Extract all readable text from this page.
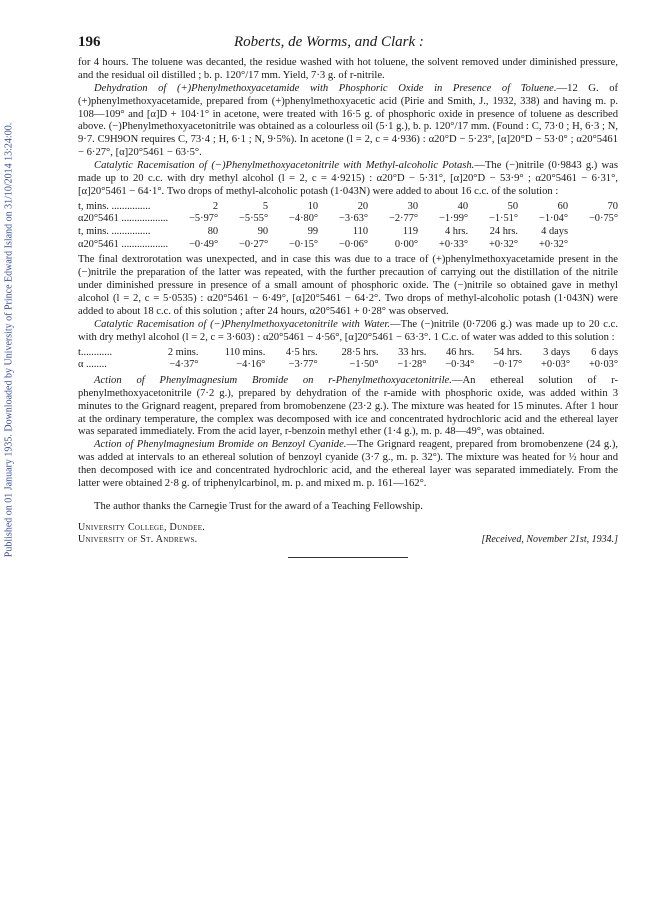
Published on 01 January 1935. Downloaded by University of Prince Edward Island on 31/10/2014 13:24:00.
196	Roberts, de Worms, and Clark :

for 4 hours. The toluene was decanted, the residue washed with hot toluene, the solvent removed under diminished pressure, and the residual oil distilled ; b. p. 120°/17 mm. Yield, 7·3 g. of r-nitrile.

Dehydration of (+)Phenylmethoxyacetamide with Phosphoric Oxide in Presence of Toluene.—12 G. of (+)phenylmethoxyacetamide, prepared from (+)phenylmethoxyacetic acid (Pirie and Smith, J., 1932, 338) and having m. p. 108—109° and [α]D + 104·1° in acetone, were treated with 16·5 g. of phosphoric oxide in presence of toluene as described above. (−)Phenylmethoxyacetonitrile was obtained as a colourless oil (5·1 g.), b. p. 120°/17 mm. (Found : C, 73·0 ; H, 6·3 ; N, 9·7. C9H9ON requires C, 73·4 ; H, 6·1 ; N, 9·5%). In acetone (l = 2, c = 4·936) : α20°D − 5·23°, [α]20°D − 53·0° ; α20°5461 − 6·27°, [α]20°5461 − 63·5°.

Catalytic Racemisation of (−)Phenylmethoxyacetonitrile with Methyl-alcoholic Potash.—The (−)nitrile (0·9843 g.) was made up to 20 c.c. with dry methyl alcohol (l = 2, c = 4·9215) : α20°D − 5·31°, [α]20°D − 53·9° ; α20°5461 − 6·31°, [α]20°5461 − 64·1°. Two drops of methyl-alcoholic potash (1·043N) were added to about 16 c.c. of the solution :

t, mins. ...............	2	5	10	20	30	40	50	60	70
α20°5461 ..................	−5·97°	−5·55°	−4·80°	−3·63°	−2·77°	−1·99°	−1·51°	−1·04°	−0·75°
t, mins. ...............	80	90	99	110	119	4 hrs.	24 hrs.	4 days	
α20°5461 ..................	−0·49°	−0·27°	−0·15°	−0·06°	0·00°	+0·33°	+0·32°	+0·32°	

The final dextrorotation was unexpected, and in case this was due to a trace of (+)phenylmethoxyacetamide present in the (−)nitrile the preparation of the latter was repeated, with the further precaution of carrying out the distillation of the nitrile under diminished pressure in presence of a small amount of phosphoric oxide. The (−)nitrile so obtained gave in methyl alcohol (l = 2, c = 5·0535) : α20°5461 − 6·49°, [α]20°5461 − 64·2°. Two drops of methyl-alcoholic potash (1·043N) were added to about 18 c.c. of this solution ; after 24 hours, α20°5461 + 0·28° was observed.

Catalytic Racemisation of (−)Phenylmethoxyacetonitrile with Water.—The (−)nitrile (0·7206 g.) was made up to 20 c.c. with dry methyl alcohol (l = 2, c = 3·603) : α20°5461 − 4·56°, [α]20°5461 − 63·3°. 1 C.c. of water was added to this solution :

t............	2 mins.	110 mins.	4·5 hrs.	28·5 hrs.	33 hrs.	46 hrs.	54 hrs.	3 days	6 days
α ........	−4·37°	−4·16°	−3·77°	−1·50°	−1·28°	−0·34°	−0·17°	+0·03°	+0·03°

Action of Phenylmagnesium Bromide on r-Phenylmethoxyacetonitrile.—An ethereal solution of r-phenylmethoxyacetonitrile (7·2 g.), prepared by dehydration of the r-amide with phosphoric oxide, was added within 3 minutes to the Grignard reagent, prepared from bromobenzene (23·2 g.). The mixture was heated for 15 minutes. After 1 hour at the ordinary temperature, the complex was decomposed with ice and concentrated hydrochloric acid and the ethereal layer was separated immediately. From the acid layer, r-benzoin methyl ether (1·4 g.), m. p. 48—49°, was obtained.

Action of Phenylmagnesium Bromide on Benzoyl Cyanide.—The Grignard reagent, prepared from bromobenzene (24 g.), was added at intervals to an ethereal solution of benzoyl cyanide (3·7 g., m. p. 32°). The mixture was heated for ½ hour and then decomposed with ice and concentrated hydrochloric acid, and the ethereal layer was separated immediately. From the latter were obtained 2·8 g. of triphenylcarbinol, m. p. and mixed m. p. 161—162°.

The author thanks the Carnegie Trust for the award of a Teaching Fellowship.

University College, Dundee.
University of St. Andrews.	[Received, November 21st, 1934.]
